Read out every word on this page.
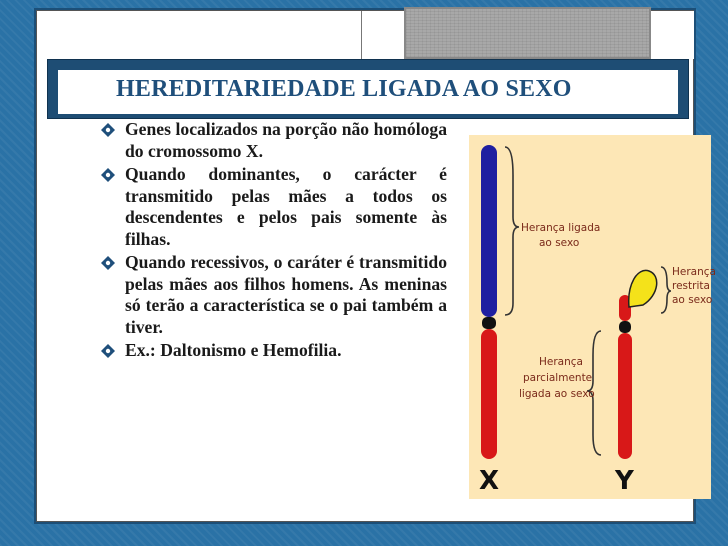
HEREDITARIEDADE LIGADA AO SEXO
Genes localizados na porção não homóloga do cromossomo X.
Quando dominantes, o carácter é transmitido pelas mães a todos os descendentes e pelos pais somente às filhas.
Quando recessivos, o caráter é transmitido pelas mães aos filhos homens. As meninas só terão a característica se o pai também a tiver.
Ex.: Daltonismo e Hemofilia.
Herança ligada
ao sexo
Herança
restrita
ao sexo
Herança
parcialmente
ligada ao sexo
X	Y
